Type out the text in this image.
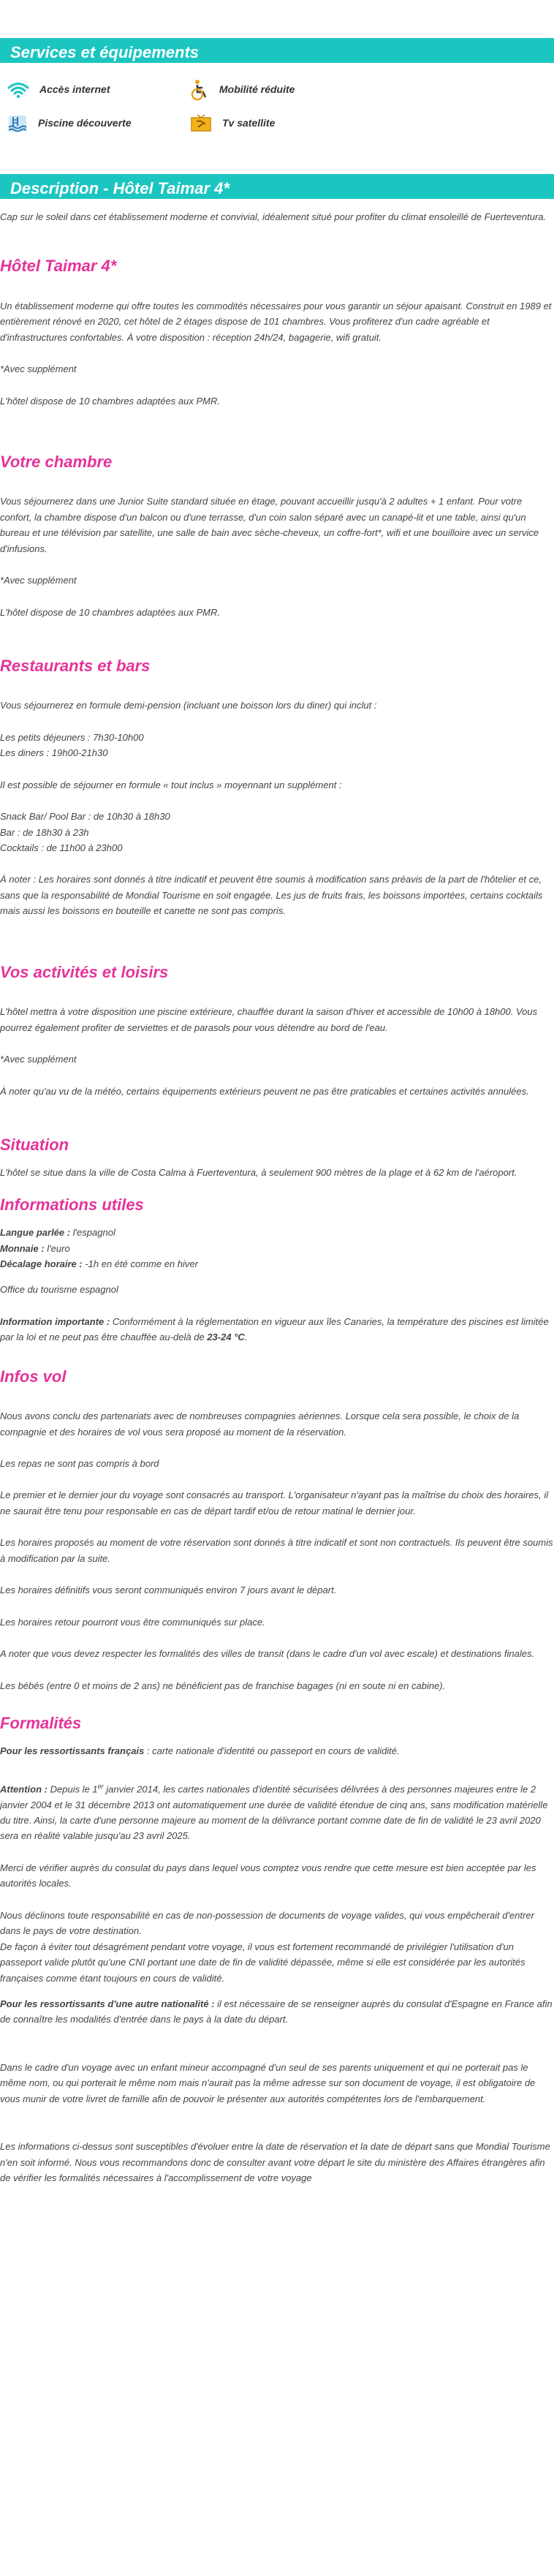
Services et équipements
Accès internet	Mobilité réduite
Piscine découverte	Tv satellite
Description - Hôtel Taimar 4*

Cap sur le soleil dans cet établissement moderne et convivial, idéalement situé pour profiter du climat ensoleillé de Fuerteventura.

Hôtel Taimar 4*

Un établissement moderne qui offre toutes les commodités nécessaires pour vous garantir un séjour apaisant. Construit en 1989 et entièrement rénové en 2020, cet hôtel de 2 étages dispose de 101 chambres. Vous profiterez d'un cadre agréable et d'infrastructures confortables. À votre disposition : réception 24h/24, bagagerie, wifi gratuit.

*Avec supplément

L'hôtel dispose de 10 chambres adaptées aux PMR.

Votre chambre

Vous séjournerez dans une Junior Suite standard située en étage, pouvant accueillir jusqu'à 2 adultes + 1 enfant. Pour votre confort, la chambre dispose d'un balcon ou d'une terrasse, d'un coin salon séparé avec un canapé-lit et une table, ainsi qu'un bureau et une télévision par satellite, une salle de bain avec sèche-cheveux, un coffre-fort*, wifi et une bouilloire avec un service d'infusions.

*Avec supplément

L'hôtel dispose de 10 chambres adaptées aux PMR.

Restaurants et bars

Vous séjournerez en formule demi-pension (incluant une boisson lors du diner) qui inclut :

Les petits déjeuners : 7h30-10h00
Les diners : 19h00-21h30

Il est possible de séjourner en formule « tout inclus » moyennant un supplément :

Snack Bar/ Pool Bar : de 10h30 à 18h30
Bar : de 18h30 à 23h
Cocktails : de 11h00 à 23h00

À noter : Les horaires sont donnés à titre indicatif et peuvent être soumis à modification sans préavis de la part de l'hôtelier et ce, sans que la responsabilité de Mondial Tourisme en soit engagée. Les jus de fruits frais, les boissons importées, certains cocktails mais aussi les boissons en bouteille et canette ne sont pas compris.

Vos activités et loisirs

L'hôtel mettra à votre disposition une piscine extérieure, chauffée durant la saison d'hiver et accessible de 10h00 à 18h00. Vous pourrez également profiter de serviettes et de parasols pour vous détendre au bord de l'eau.

*Avec supplément

À noter qu'au vu de la météo, certains équipements extérieurs peuvent ne pas être praticables et certaines activités annulées.

Situation

L'hôtel se situe dans la ville de Costa Calma à Fuerteventura, à seulement 900 mètres de la plage et à 62 km de l'aéroport.

Informations utiles
Langue parlée : l'espagnol
Monnaie : l'euro
Décalage horaire : -1h en été comme en hiver

Office du tourisme espagnol

Information importante : Conformément à la réglementation en vigueur aux îles Canaries, la température des piscines est limitée par la loi et ne peut pas être chauffée au-delà de 23-24 °C.

Infos vol

Nous avons conclu des partenariats avec de nombreuses compagnies aériennes. Lorsque cela sera possible, le choix de la compagnie et des horaires de vol vous sera proposé au moment de la réservation.

Les repas ne sont pas compris à bord

Le premier et le dernier jour du voyage sont consacrés au transport. L'organisateur n'ayant pas la maîtrise du choix des horaires, il ne saurait être tenu pour responsable en cas de départ tardif et/ou de retour matinal le dernier jour.

Les horaires proposés au moment de votre réservation sont donnés à titre indicatif et sont non contractuels. Ils peuvent être soumis à modification par la suite.

Les horaires définitifs vous seront communiqués environ 7 jours avant le départ.

Les horaires retour pourront vous être communiqués sur place.

A noter que vous devez respecter les formalités des villes de transit (dans le cadre d'un vol avec escale) et destinations finales.

Les bébés (entre 0 et moins de 2 ans) ne bénéficient pas de franchise bagages (ni en soute ni en cabine).

Formalités

Pour les ressortissants français : carte nationale d'identité ou passeport en cours de validité.

Attention : Depuis le 1er janvier 2014, les cartes nationales d'identité sécurisées délivrées à des personnes majeures entre le 2 janvier 2004 et le 31 décembre 2013 ont automatiquement une durée de validité étendue de cinq ans, sans modification matérielle du titre. Ainsi, la carte d'une personne majeure au moment de la délivrance portant comme date de fin de validité le 23 avril 2020 sera en réalité valable jusqu'au 23 avril 2025.

Merci de vérifier auprès du consulat du pays dans lequel vous comptez vous rendre que cette mesure est bien acceptée par les autorités locales.

Nous déclinons toute responsabilité en cas de non-possession de documents de voyage valides, qui vous empêcherait d'entrer dans le pays de votre destination.
De façon à éviter tout désagrément pendant votre voyage, il vous est fortement recommandé de privilégier l'utilisation d'un passeport valide plutôt qu'une CNI portant une date de fin de validité dépassée, même si elle est considérée par les autorités françaises comme étant toujours en cours de validité.

Pour les ressortissants d'une autre nationalité : il est nécessaire de se renseigner auprès du consulat d'Espagne en France afin de connaître les modalités d'entrée dans le pays à la date du départ.

Dans le cadre d'un voyage avec un enfant mineur accompagné d'un seul de ses parents uniquement et qui ne porterait pas le même nom, ou qui porterait le même nom mais n'aurait pas la même adresse sur son document de voyage, il est obligatoire de vous munir de votre livret de famille afin de pouvoir le présenter aux autorités compétentes lors de l'embarquement.

Les informations ci-dessus sont susceptibles d'évoluer entre la date de réservation et la date de départ sans que Mondial Tourisme n'en soit informé. Nous vous recommandons donc de consulter avant votre départ le site du ministère des Affaires étrangères afin de vérifier les formalités nécessaires à l'accomplissement de votre voyage
